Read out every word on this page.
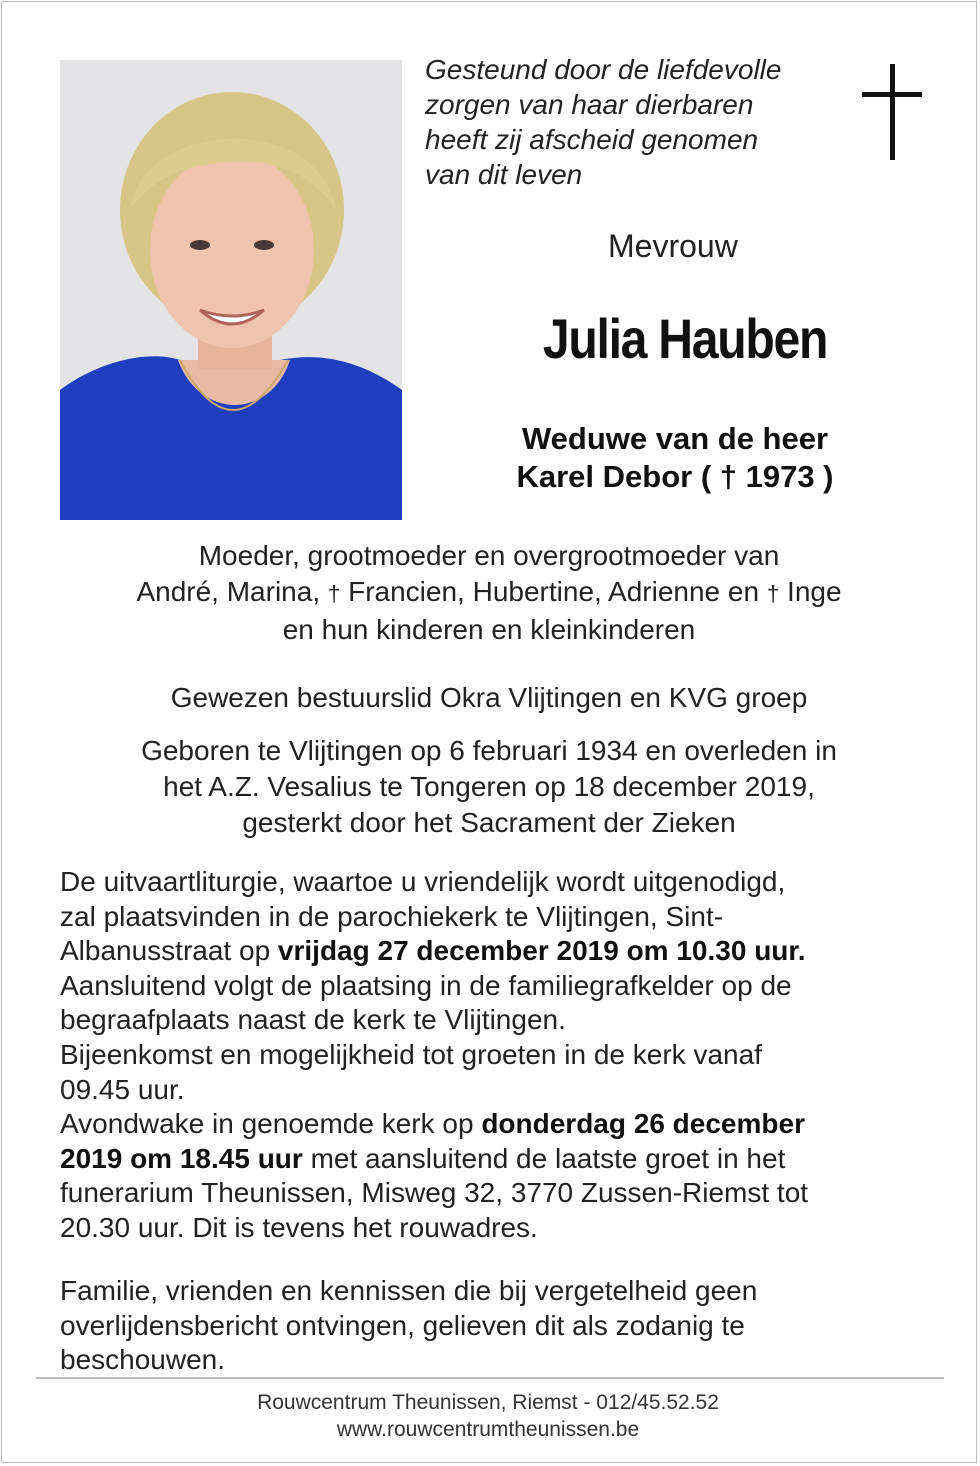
Gesteund door de liefdevolle
zorgen van haar dierbaren
heeft zij afscheid genomen
van dit leven
Mevrouw
Julia Hauben
Weduwe van de heer
Karel Debor ( † 1973 )
Moeder, grootmoeder en overgrootmoeder van
André, Marina, † Francien, Hubertine, Adrienne en † Inge
en hun kinderen en kleinkinderen
Gewezen bestuurslid Okra Vlijtingen en KVG groep
Geboren te Vlijtingen op 6 februari 1934 en overleden in
het A.Z. Vesalius te Tongeren op 18 december 2019,
gesterkt door het Sacrament der Zieken
De uitvaartliturgie, waartoe u vriendelijk wordt uitgenodigd,
zal plaatsvinden in de parochiekerk te Vlijtingen, Sint-
Albanusstraat op vrijdag 27 december 2019 om 10.30 uur.
Aansluitend volgt de plaatsing in de familiegrafkelder op de
begraafplaats naast de kerk te Vlijtingen.
Bijeenkomst en mogelijkheid tot groeten in de kerk vanaf
09.45 uur.
Avondwake in genoemde kerk op donderdag 26 december
2019 om 18.45 uur met aansluitend de laatste groet in het
funerarium Theunissen, Misweg 32, 3770 Zussen-Riemst tot
20.30 uur. Dit is tevens het rouwadres.
Familie, vrienden en kennissen die bij vergetelheid geen
overlijdensbericht ontvingen, gelieven dit als zodanig te
beschouwen.
Rouwcentrum Theunissen, Riemst - 012/45.52.52
www.rouwcentrumtheunissen.be
